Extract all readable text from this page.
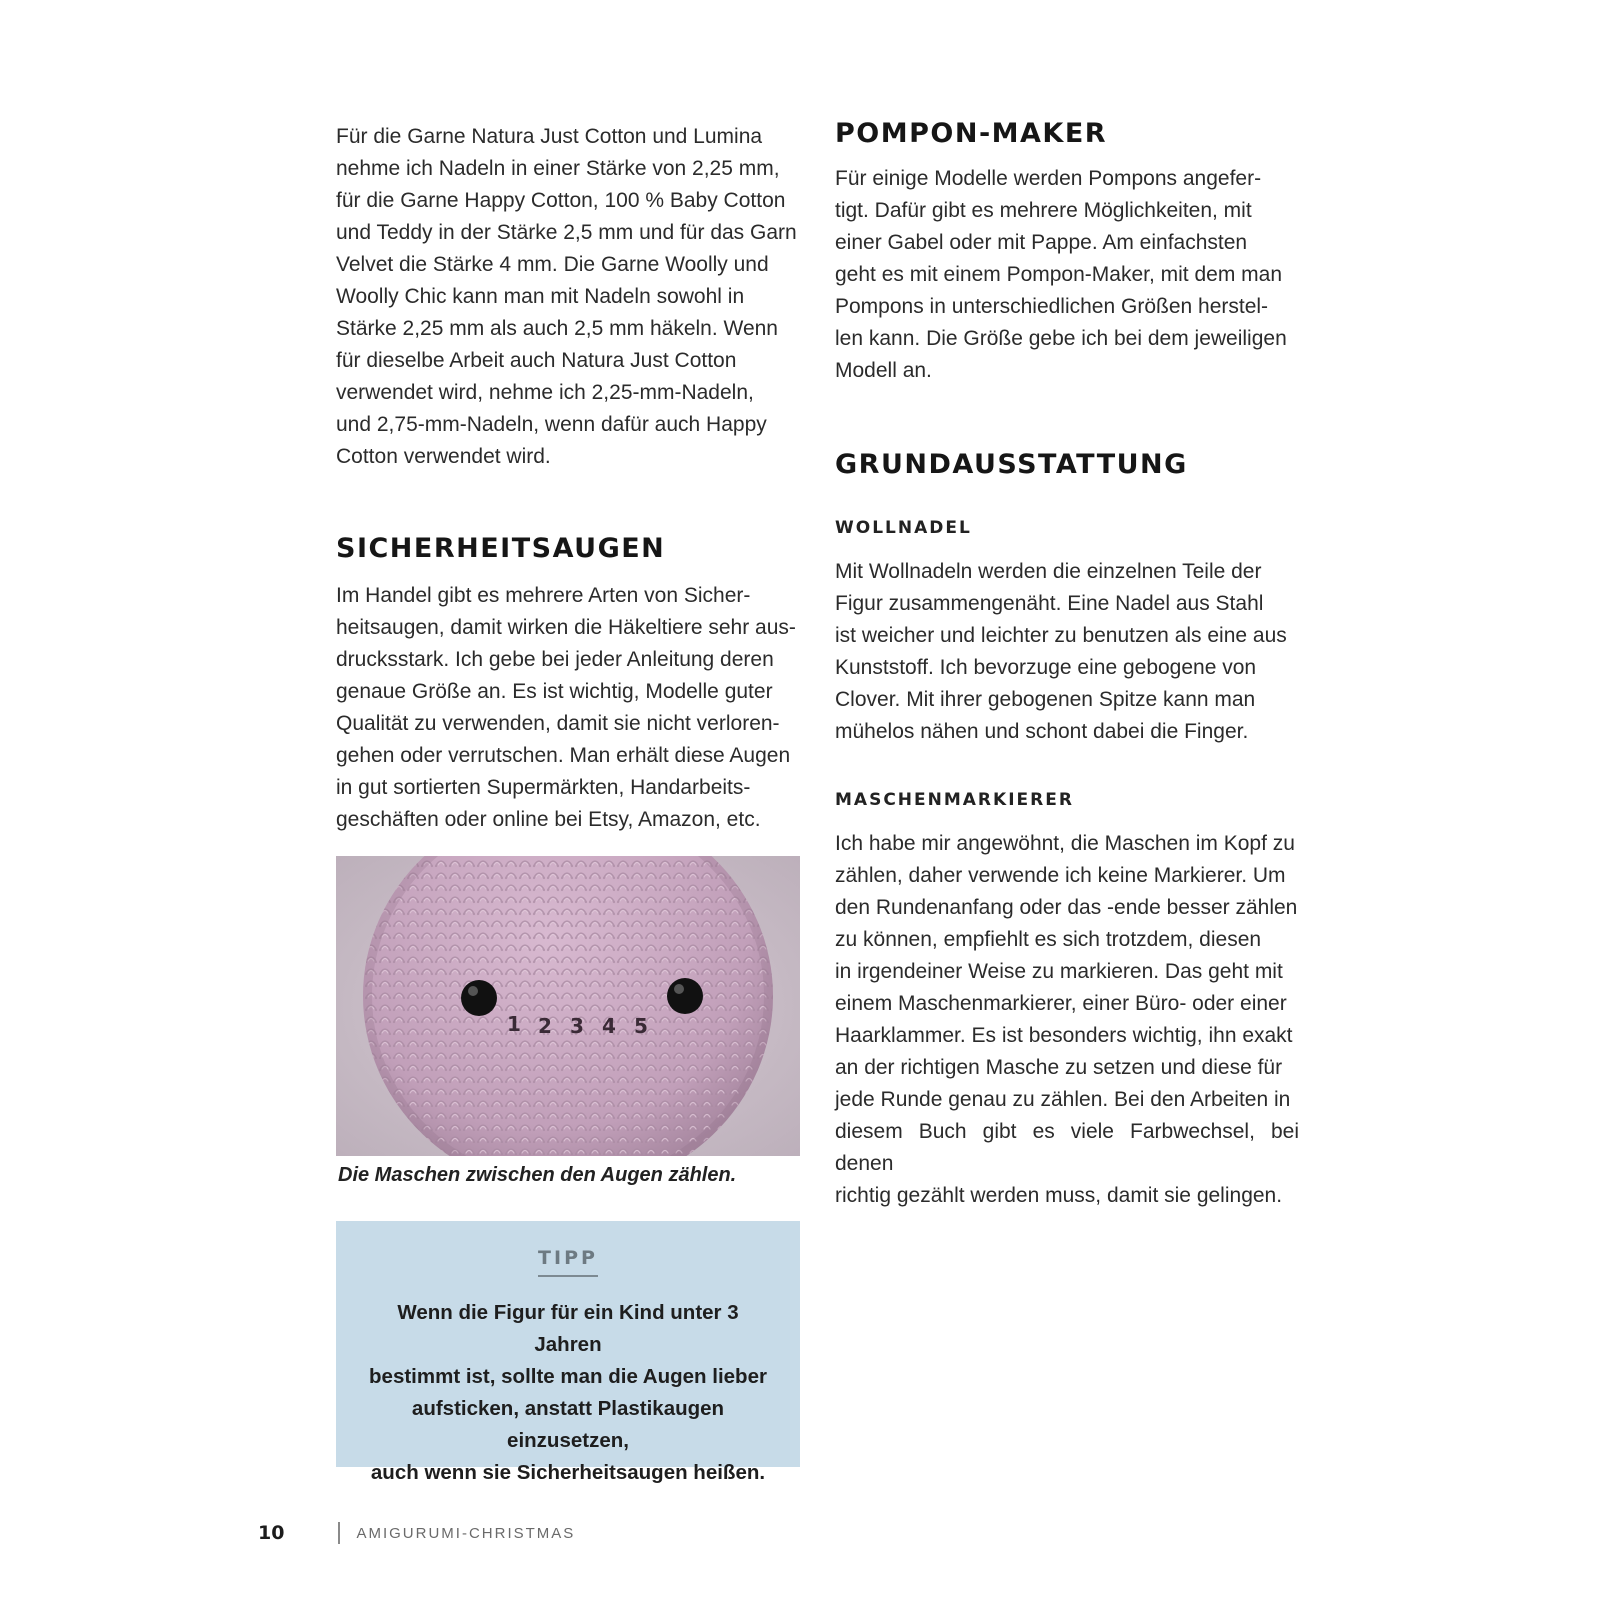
Für die Garne Natura Just Cotton und Lumina
nehme ich Nadeln in einer Stärke von 2,25 mm,
für die Garne Happy Cotton, 100 % Baby Cotton
und Teddy in der Stärke 2,5 mm und für das Garn
Velvet die Stärke 4 mm. Die Garne Woolly und
Woolly Chic kann man mit Nadeln sowohl in
Stärke 2,25 mm als auch 2,5 mm häkeln. Wenn
für dieselbe Arbeit auch Natura Just Cotton
verwendet wird, nehme ich 2,25-mm-Nadeln,
und 2,75-mm-Nadeln, wenn dafür auch Happy
Cotton verwendet wird.
SICHERHEITSAUGEN
Im Handel gibt es mehrere Arten von Sicher-
heitsaugen, damit wirken die Häkeltiere sehr aus-
drucksstark. Ich gebe bei jeder Anleitung deren
genaue Größe an. Es ist wichtig, Modelle guter
Qualität zu verwenden, damit sie nicht verloren-
gehen oder verrutschen. Man erhält diese Augen
in gut sortierten Supermärkten, Handarbeits-
geschäften oder online bei Etsy, Amazon, etc.
1 2 3 4 5
Die Maschen zwischen den Augen zählen.
TIPP
Wenn die Figur für ein Kind unter 3 Jahren
bestimmt ist, sollte man die Augen lieber
aufsticken, anstatt Plastikaugen einzusetzen,
auch wenn sie Sicherheitsaugen heißen.
POMPON-MAKER
Für einige Modelle werden Pompons angefer-
tigt. Dafür gibt es mehrere Möglichkeiten, mit
einer Gabel oder mit Pappe. Am einfachsten
geht es mit einem Pompon-Maker, mit dem man
Pompons in unterschiedlichen Größen herstel-
len kann. Die Größe gebe ich bei dem jeweiligen
Modell an.
GRUNDAUSSTATTUNG
WOLLNADEL
Mit Wollnadeln werden die einzelnen Teile der
Figur zusammengenäht. Eine Nadel aus Stahl
ist weicher und leichter zu benutzen als eine aus
Kunststoff. Ich bevorzuge eine gebogene von
Clover. Mit ihrer gebogenen Spitze kann man
mühelos nähen und schont dabei die Finger.
MASCHENMARKIERER
Ich habe mir angewöhnt, die Maschen im Kopf zu
zählen, daher verwende ich keine Markierer. Um
den Rundenanfang oder das -ende besser zählen
zu können, empfiehlt es sich trotzdem, diesen
in irgendeiner Weise zu markieren. Das geht mit
einem Maschenmarkierer, einer Büro- oder einer
Haarklammer. Es ist besonders wichtig, ihn exakt
an der richtigen Masche zu setzen und diese für
jede Runde genau zu zählen. Bei den Arbeiten in
diesem Buch gibt es viele Farbwechsel, bei denen
richtig gezählt werden muss, damit sie gelingen.
10	AMIGURUMI-CHRISTMAS
